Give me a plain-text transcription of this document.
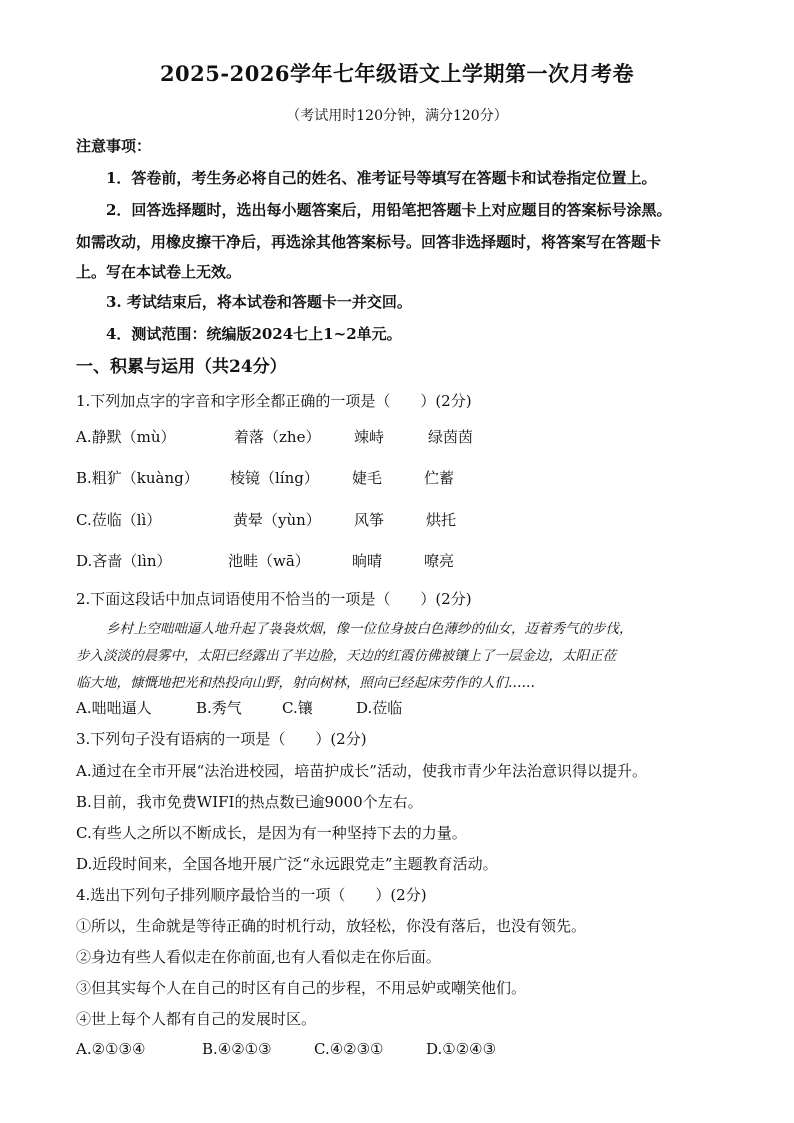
2025-2026学年七年级语文上学期第一次月考卷
（考试用时120分钟，满分120分）
注意事项：
1．答卷前，考生务必将自己的姓名、准考证号等填写在答题卡和试卷指定位置上。
2．回答选择题时，选出每小题答案后，用铅笔把答题卡上对应题目的答案标号涂黑。
如需改动，用橡皮擦干净后，再选涂其他答案标号。回答非选择题时，将答案写在答题卡
上。写在本试卷上无效。
3. 考试结束后，将本试卷和答题卡一并交回。
4．测试范围：统编版2024七上1~2单元。
一、积累与运用（共24分）
1.下列加点字的字音和字形全都正确的一项是（　　）(2分)
A.静默（mù）	着落（zhe） 竦峙	绿茵茵
B.粗犷（kuàng） 棱镜（líng） 婕毛	伫蓄
C.莅临（lì）	黄晕（yùn） 风筝	烘托
D.吝啬（lìn）	池畦（wā）	晌晴	嘹亮
2.下面这段话中加点词语使用不恰当的一项是（　　）(2分)

乡村上空咄咄逼人地升起了袅袅炊烟，像一位位身披白色薄纱的仙女，迈着秀气的步伐，

步入淡淡的晨雾中，太阳已经露出了半边脸，天边的红霞仿佛被镶上了一层金边，太阳正莅

临大地，慷慨地把光和热投向山野，射向树林，照向已经起床劳作的人们……

A.咄咄逼人	B.秀气	C.镶	D.莅临
3.下列句子没有语病的一项是（　　）(2分)
A.通过在全市开展“法治进校园，培苗护成长”活动，使我市青少年法治意识得以提升。
B.目前，我市免费WIFI的热点数已逾9000个左右。
C.有些人之所以不断成长，是因为有一种坚持下去的力量。
D.近段时间来，全国各地开展广泛“永远跟党走”主题教育活动。
4.选出下列句子排列顺序最恰当的一项（　　）(2分)
①所以，生命就是等待正确的时机行动，放轻松，你没有落后，也没有领先。
②身边有些人看似走在你前面,也有人看似走在你后面。
③但其实每个人在自己的时区有自己的步程，不用忌妒或嘲笑他们。
④世上每个人都有自己的发展时区。
A.②①③④	B.④②①③	C.④②③①	D.①②④③
